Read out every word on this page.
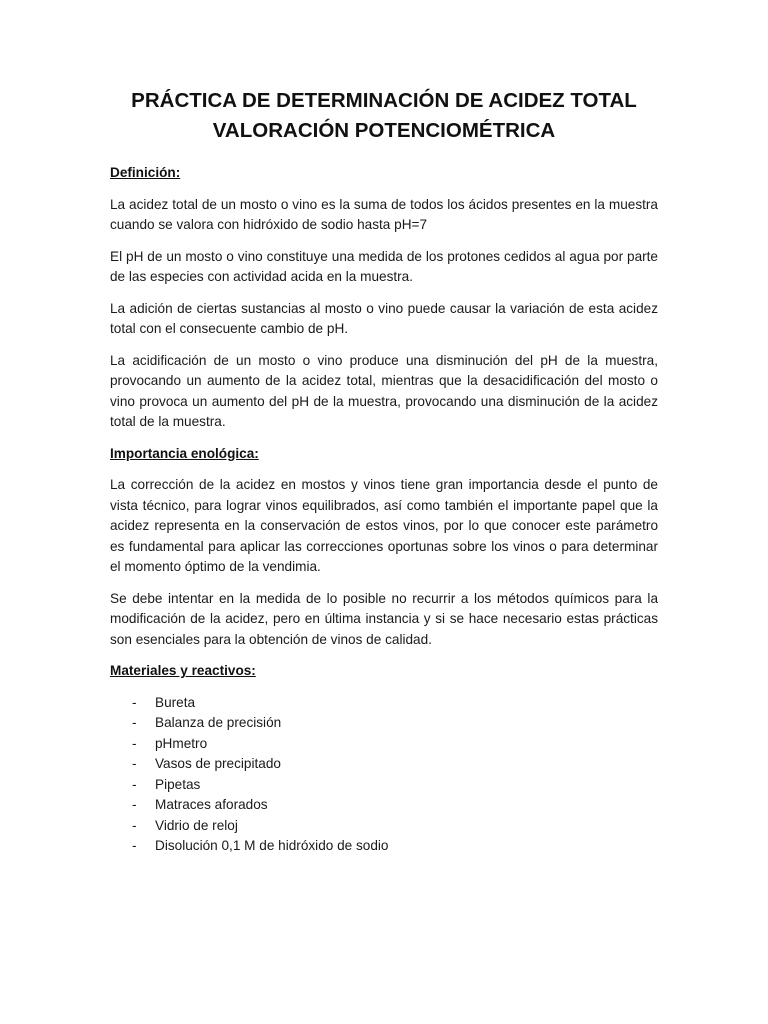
PRÁCTICA DE DETERMINACIÓN DE ACIDEZ TOTAL
VALORACIÓN POTENCIOMÉTRICA
Definición:

La acidez total de un mosto o vino es la suma de todos los ácidos presentes en la muestra cuando se valora con hidróxido de sodio hasta pH=7

El pH de un mosto o vino constituye una medida de los protones cedidos al agua por parte de las especies con actividad acida en la muestra.

La adición de ciertas sustancias al mosto o vino puede causar la variación de esta acidez total con el consecuente cambio de pH.

La acidificación de un mosto o vino produce una disminución del pH de la muestra, provocando un aumento de la acidez total, mientras que la desacidificación del mosto o vino provoca un aumento del pH de la muestra, provocando una disminución de la acidez total de la muestra.

Importancia enológica:

La corrección de la acidez en mostos y vinos tiene gran importancia desde el punto de vista técnico, para lograr vinos equilibrados, así como también el importante papel que la acidez representa en la conservación de estos vinos, por lo que conocer este parámetro es fundamental para aplicar las correcciones oportunas sobre los vinos o para determinar el momento óptimo de la vendimia.

Se debe intentar en la medida de lo posible no recurrir a los métodos químicos para la modificación de la acidez, pero en última instancia y si se hace necesario estas prácticas son esenciales para la obtención de vinos de calidad.

Materiales y reactivos:
- Bureta
- Balanza de precisión
- pHmetro
- Vasos de precipitado
- Pipetas
- Matraces aforados
- Vidrio de reloj
- Disolución 0,1 M de hidróxido de sodio
